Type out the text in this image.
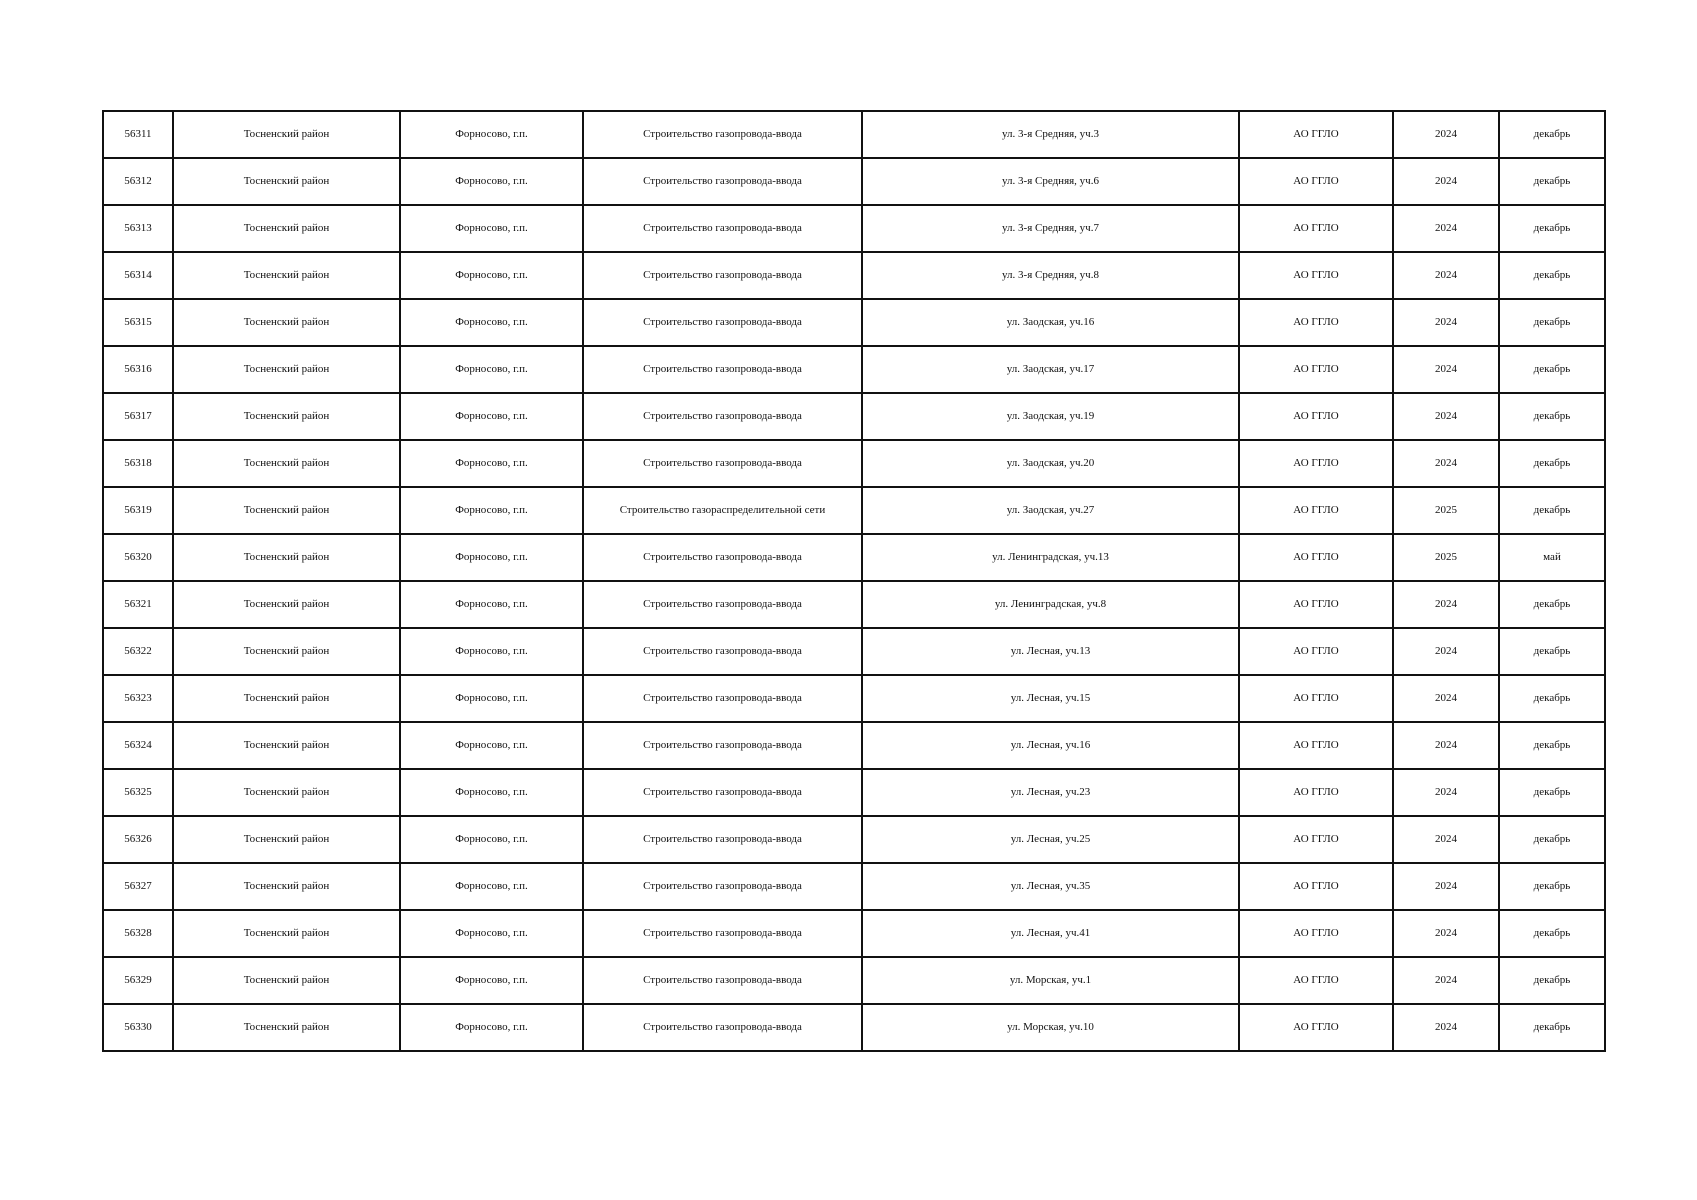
56311	Тосненский район	Форносово, г.п.	Строительство газопровода-ввода	ул. 3-я Средняя, уч.3	АО ГГЛО	2024	декабрь
56312	Тосненский район	Форносово, г.п.	Строительство газопровода-ввода	ул. 3-я Средняя, уч.6	АО ГГЛО	2024	декабрь
56313	Тосненский район	Форносово, г.п.	Строительство газопровода-ввода	ул. 3-я Средняя, уч.7	АО ГГЛО	2024	декабрь
56314	Тосненский район	Форносово, г.п.	Строительство газопровода-ввода	ул. 3-я Средняя, уч.8	АО ГГЛО	2024	декабрь
56315	Тосненский район	Форносово, г.п.	Строительство газопровода-ввода	ул. Заодская, уч.16	АО ГГЛО	2024	декабрь
56316	Тосненский район	Форносово, г.п.	Строительство газопровода-ввода	ул. Заодская, уч.17	АО ГГЛО	2024	декабрь
56317	Тосненский район	Форносово, г.п.	Строительство газопровода-ввода	ул. Заодская, уч.19	АО ГГЛО	2024	декабрь
56318	Тосненский район	Форносово, г.п.	Строительство газопровода-ввода	ул. Заодская, уч.20	АО ГГЛО	2024	декабрь
56319	Тосненский район	Форносово, г.п.	Строительство газораспределительной сети	ул. Заодская, уч.27	АО ГГЛО	2025	декабрь
56320	Тосненский район	Форносово, г.п.	Строительство газопровода-ввода	ул. Ленинградская, уч.13	АО ГГЛО	2025	май
56321	Тосненский район	Форносово, г.п.	Строительство газопровода-ввода	ул. Ленинградская, уч.8	АО ГГЛО	2024	декабрь
56322	Тосненский район	Форносово, г.п.	Строительство газопровода-ввода	ул. Лесная, уч.13	АО ГГЛО	2024	декабрь
56323	Тосненский район	Форносово, г.п.	Строительство газопровода-ввода	ул. Лесная, уч.15	АО ГГЛО	2024	декабрь
56324	Тосненский район	Форносово, г.п.	Строительство газопровода-ввода	ул. Лесная, уч.16	АО ГГЛО	2024	декабрь
56325	Тосненский район	Форносово, г.п.	Строительство газопровода-ввода	ул. Лесная, уч.23	АО ГГЛО	2024	декабрь
56326	Тосненский район	Форносово, г.п.	Строительство газопровода-ввода	ул. Лесная, уч.25	АО ГГЛО	2024	декабрь
56327	Тосненский район	Форносово, г.п.	Строительство газопровода-ввода	ул. Лесная, уч.35	АО ГГЛО	2024	декабрь
56328	Тосненский район	Форносово, г.п.	Строительство газопровода-ввода	ул. Лесная, уч.41	АО ГГЛО	2024	декабрь
56329	Тосненский район	Форносово, г.п.	Строительство газопровода-ввода	ул. Морская, уч.1	АО ГГЛО	2024	декабрь
56330	Тосненский район	Форносово, г.п.	Строительство газопровода-ввода	ул. Морская, уч.10	АО ГГЛО	2024	декабрь
